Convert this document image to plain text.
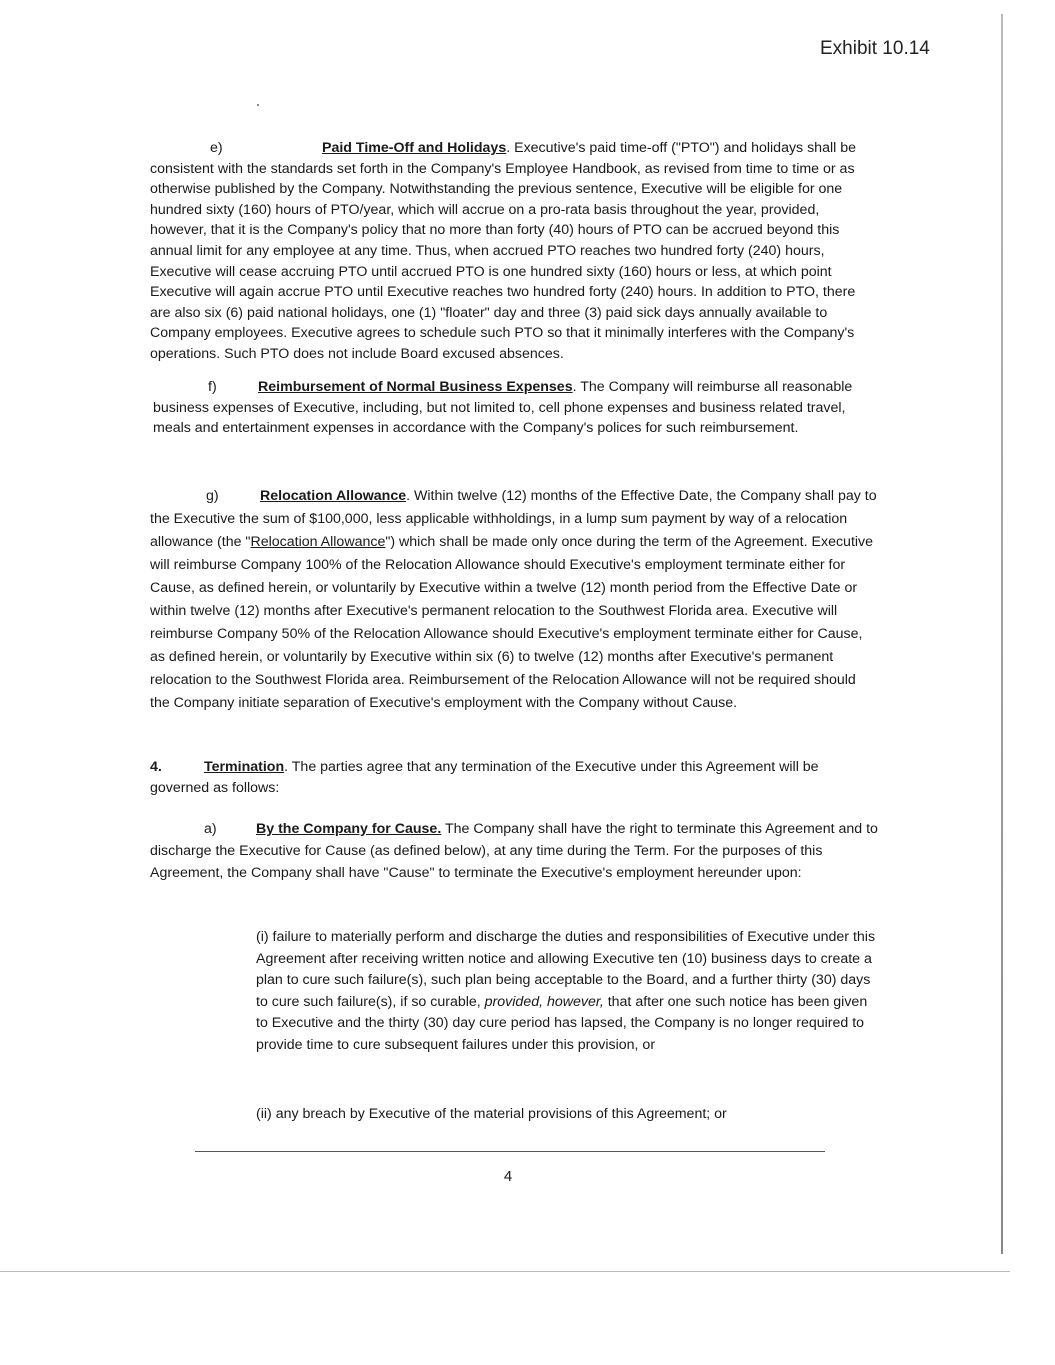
Exhibit 10.14

e)	Paid Time-Off and Holidays. Executive's paid time-off ("PTO") and holidays shall be consistent with the standards set forth in the Company's Employee Handbook, as revised from time to time or as otherwise published by the Company. Notwithstanding the previous sentence, Executive will be eligible for one hundred sixty (160) hours of PTO/year, which will accrue on a pro-rata basis throughout the year, provided, however, that it is the Company's policy that no more than forty (40) hours of PTO can be accrued beyond this annual limit for any employee at any time. Thus, when accrued PTO reaches two hundred forty (240) hours, Executive will cease accruing PTO until accrued PTO is one hundred sixty (160) hours or less, at which point Executive will again accrue PTO until Executive reaches two hundred forty (240) hours. In addition to PTO, there are also six (6) paid national holidays, one (1) "floater" day and three (3) paid sick days annually available to Company employees. Executive agrees to schedule such PTO so that it minimally interferes with the Company's operations. Such PTO does not include Board excused absences.

f)	Reimbursement of Normal Business Expenses. The Company will reimburse all reasonable business expenses of Executive, including, but not limited to, cell phone expenses and business related travel, meals and entertainment expenses in accordance with the Company's polices for such reimbursement.

g)	Relocation Allowance. Within twelve (12) months of the Effective Date, the Company shall pay to the Executive the sum of $100,000, less applicable withholdings, in a lump sum payment by way of a relocation allowance (the "Relocation Allowance") which shall be made only once during the term of the Agreement. Executive will reimburse Company 100% of the Relocation Allowance should Executive's employment terminate either for Cause, as defined herein, or voluntarily by Executive within a twelve (12) month period from the Effective Date or within twelve (12) months after Executive's permanent relocation to the Southwest Florida area. Executive will reimburse Company 50% of the Relocation Allowance should Executive's employment terminate either for Cause, as defined herein, or voluntarily by Executive within six (6) to twelve (12) months after Executive's permanent relocation to the Southwest Florida area. Reimbursement of the Relocation Allowance will not be required should the Company initiate separation of Executive's employment with the Company without Cause.

4.	Termination. The parties agree that any termination of the Executive under this Agreement will be governed as follows:

a)	By the Company for Cause. The Company shall have the right to terminate this Agreement and to discharge the Executive for Cause (as defined below), at any time during the Term. For the purposes of this Agreement, the Company shall have "Cause" to terminate the Executive's employment hereunder upon:

(i) failure to materially perform and discharge the duties and responsibilities of Executive under this Agreement after receiving written notice and allowing Executive ten (10) business days to create a plan to cure such failure(s), such plan being acceptable to the Board, and a further thirty (30) days to cure such failure(s), if so curable, provided, however, that after one such notice has been given to Executive and the thirty (30) day cure period has lapsed, the Company is no longer required to provide time to cure subsequent failures under this provision, or
(ii) any breach by Executive of the material provisions of this Agreement; or
4
